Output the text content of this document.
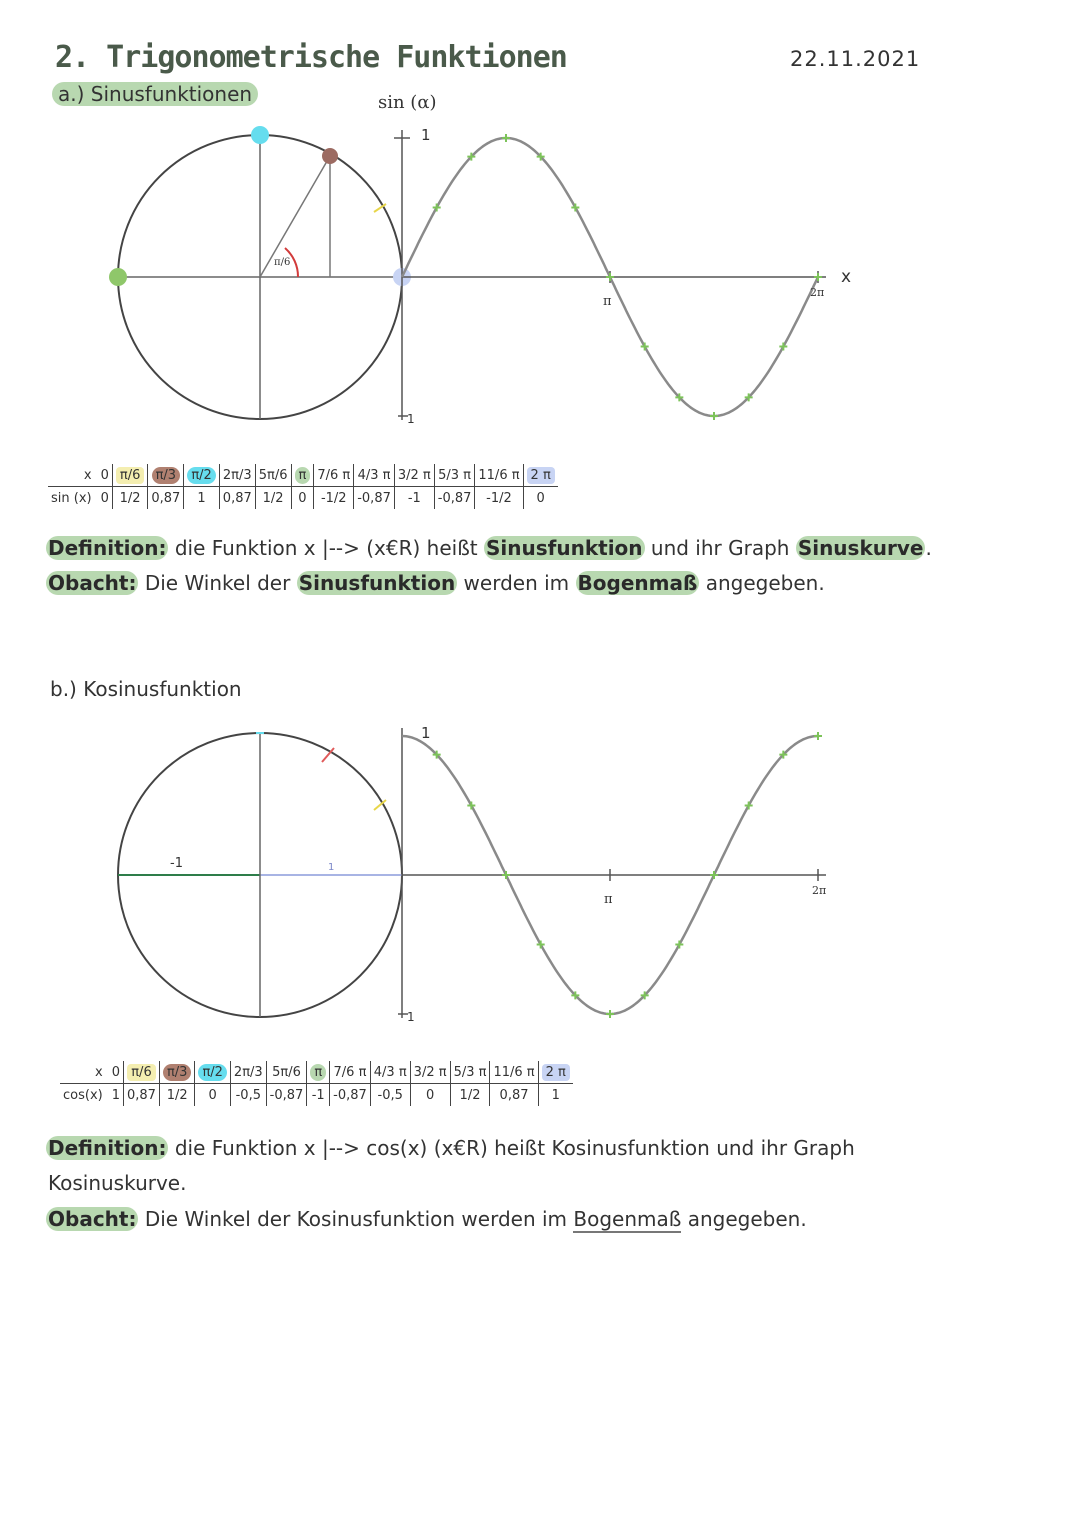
2. Trigonometrische Funktionen	22.11.2021
a.) Sinusfunktionen	sin (α)
1
1
π
2π
x
π/6
x	0	π/6	π/3	π/2	2π/3	5π/6	π	7/6 π	4/3 π	3/2 π	5/3 π	11/6 π	2 π
sin (x)	0	1/2	0,87	1	0,87	1/2	0	-1/2	-0,87	-1	-0,87	-1/2	0
Definition: die Funktion x |--> (x€R) heißt Sinusfunktion und ihr Graph Sinuskurve .
Obacht: Die Winkel der Sinusfunktion werden im Bogenmaß angegeben.
b.) Kosinusfunktion
-1	1
1
1
π
2π
x	0	π/6	π/3	π/2	2π/3	5π/6	π	7/6 π	4/3 π	3/2 π	5/3 π	11/6 π	2 π
cos(x)	1	0,87	1/2	0	-0,5	-0,87	-1	-0,87	-0,5	0	1/2	0,87	1
Definition: die Funktion x |--> cos(x) (x€R) heißt Kosinusfunktion und ihr Graph
Kosinuskurve.
Obacht: Die Winkel der Kosinusfunktion werden im Bogenmaß angegeben.
